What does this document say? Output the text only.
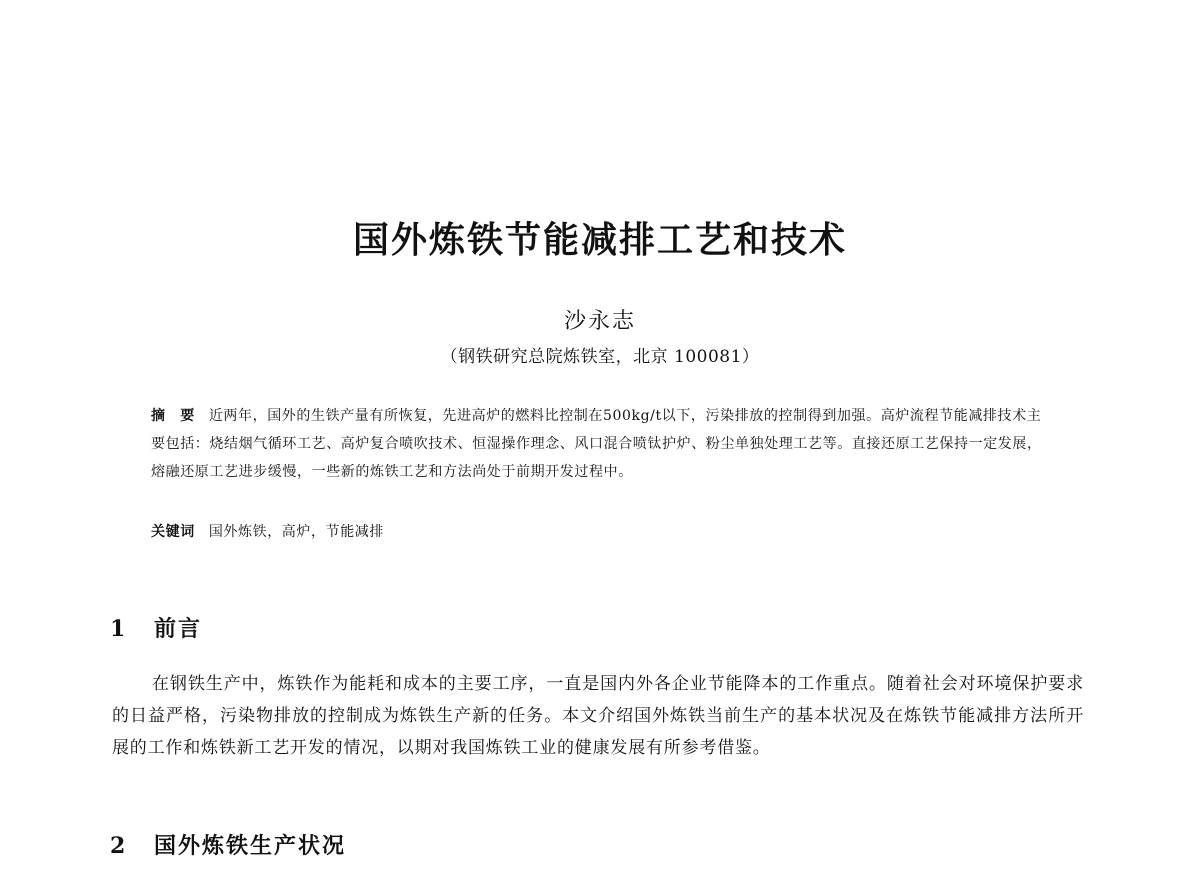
国外炼铁节能减排工艺和技术
沙永志
（钢铁研究总院炼铁室，北京 100081）
摘　要 近两年，国外的生铁产量有所恢复，先进高炉的燃料比控制在500kg/t以下，污染排放的控制得到加强。高炉流程节能减排技术主要包括：烧结烟气循环工艺、高炉复合喷吹技术、恒湿操作理念、风口混合喷钛护炉、粉尘单独处理工艺等。直接还原工艺保持一定发展，熔融还原工艺进步缓慢，一些新的炼铁工艺和方法尚处于前期开发过程中。
关键词 国外炼铁，高炉，节能减排
1 前言

在钢铁生产中，炼铁作为能耗和成本的主要工序，一直是国内外各企业节能降本的工作重点。随着社会对环境保护要求的日益严格，污染物排放的控制成为炼铁生产新的任务。本文介绍国外炼铁当前生产的基本状况及在炼铁节能减排方法所开展的工作和炼铁新工艺开发的情况，以期对我国炼铁工业的健康发展有所参考借鉴。

2 国外炼铁生产状况
